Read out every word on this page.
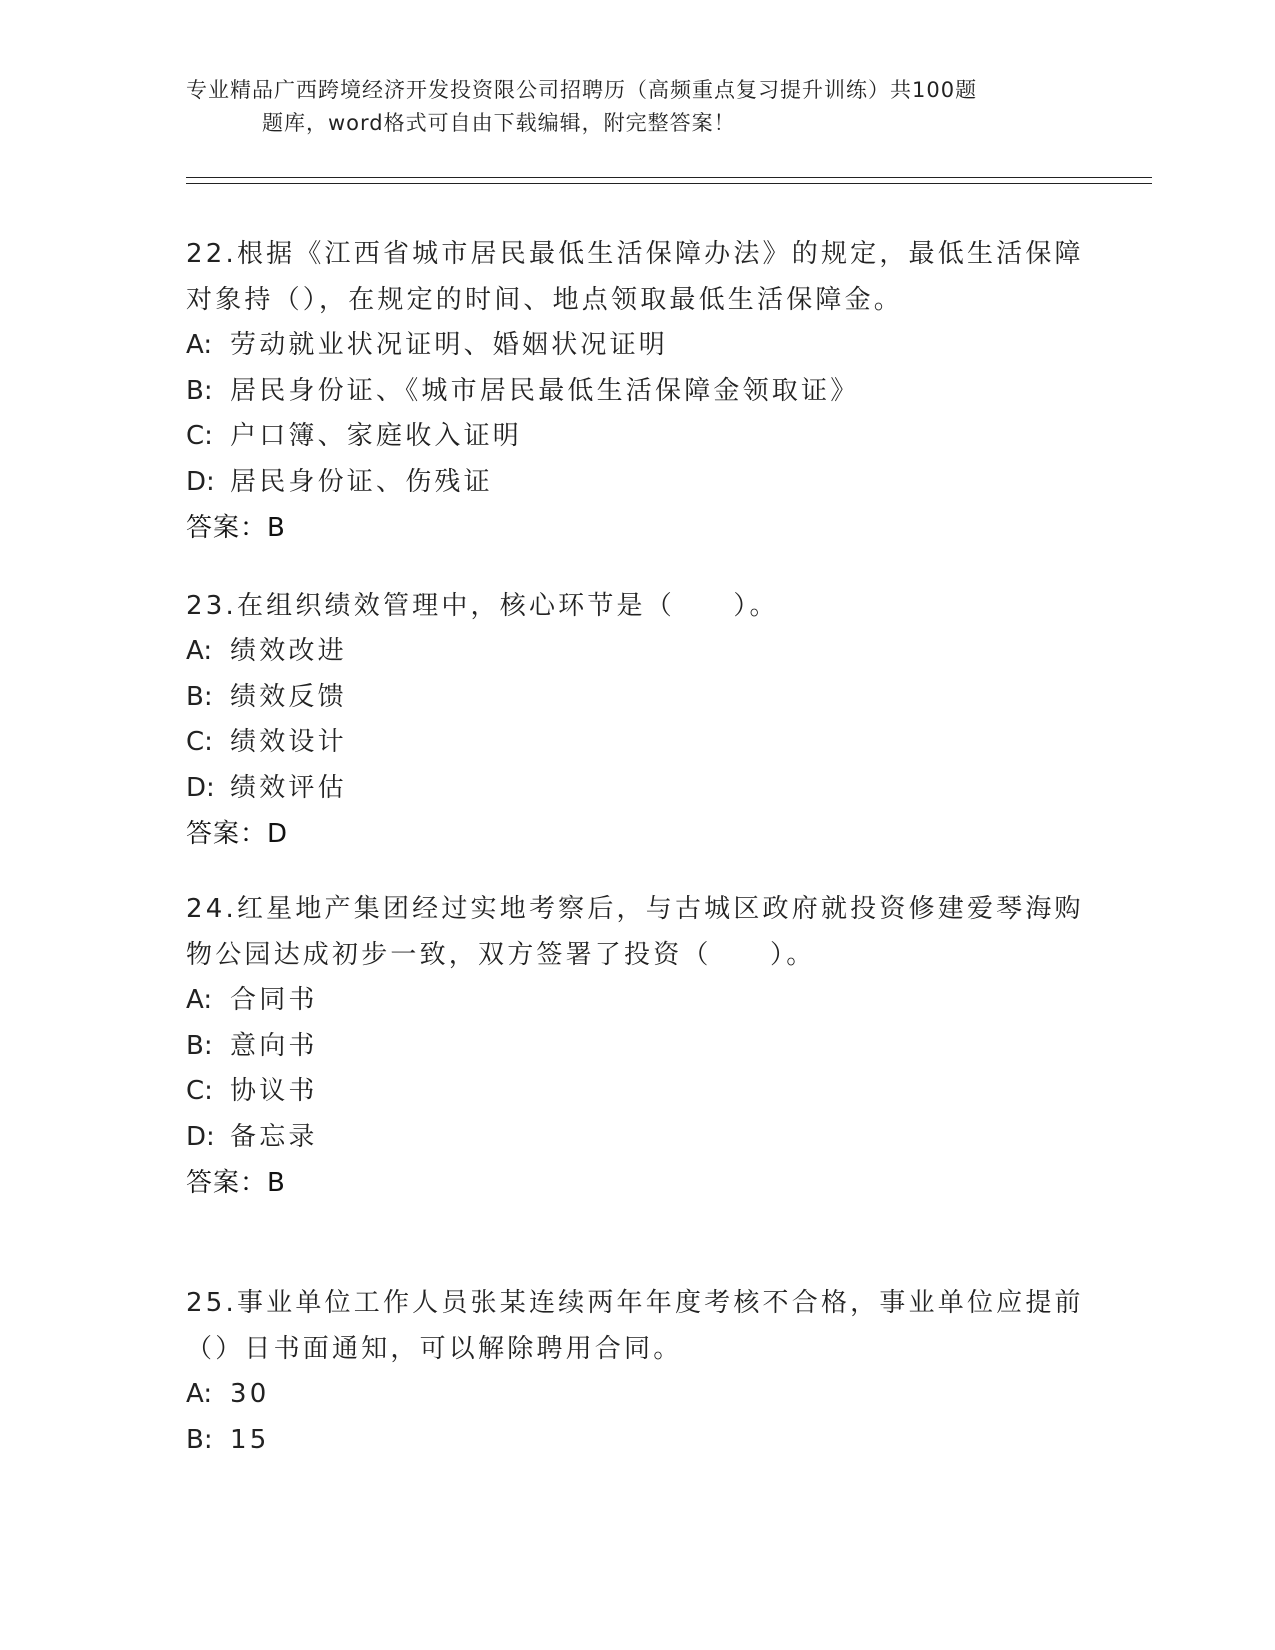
专业精品广西跨境经济开发投资限公司招聘历（高频重点复习提升训练）共100题
题库，word格式可自由下载编辑，附完整答案！

22.根据《江西省城市居民最低生活保障办法》的规定，最低生活保障

对象持（），在规定的时间、地点领取最低生活保障金。

A: 劳动就业状况证明、婚姻状况证明

B: 居民身份证、《城市居民最低生活保障金领取证》

C: 户口簿、家庭收入证明

D: 居民身份证、伤残证

答案：B

23.在组织绩效管理中，核心环节是（　　）。

A: 绩效改进

B: 绩效反馈

C: 绩效设计

D: 绩效评估

答案：D

24.红星地产集团经过实地考察后，与古城区政府就投资修建爱琴海购

物公园达成初步一致，双方签署了投资（　　）。

A: 合同书

B: 意向书

C: 协议书

D: 备忘录

答案：B

25.事业单位工作人员张某连续两年年度考核不合格，事业单位应提前

（）日书面通知，可以解除聘用合同。

A: 30

B: 15
